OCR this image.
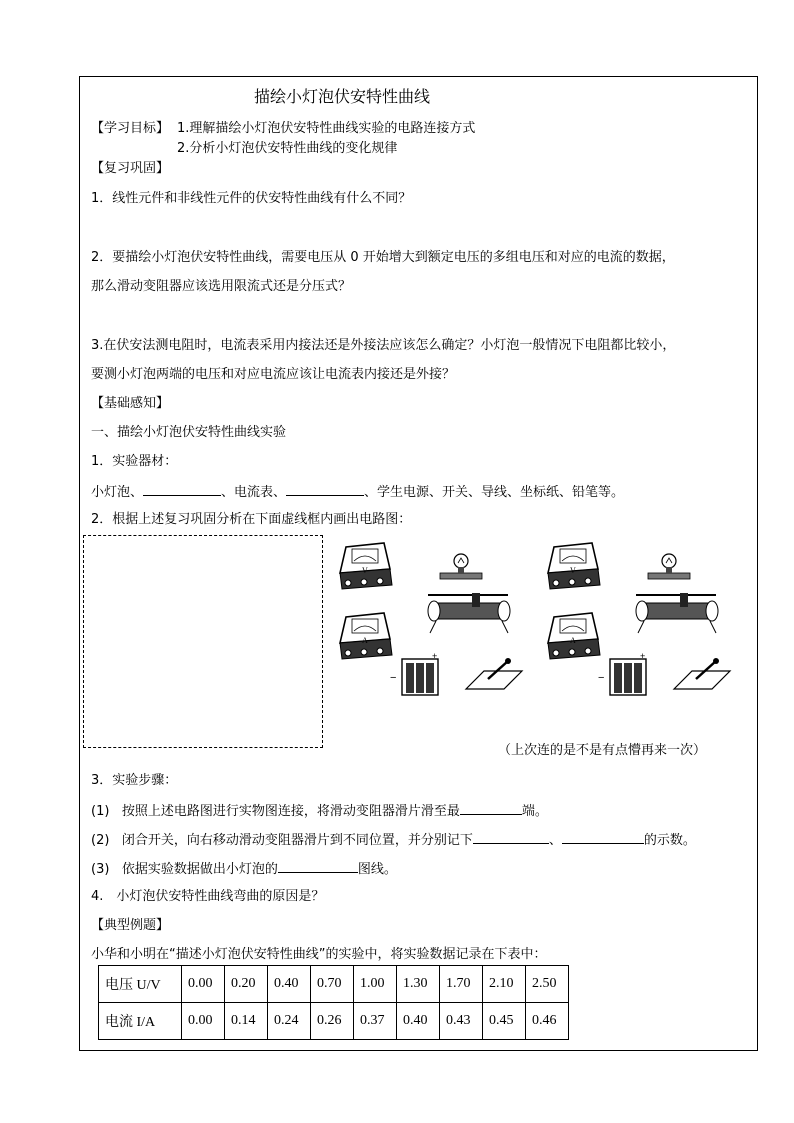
描绘小灯泡伏安特性曲线
【学习目标】 1.理解描绘小灯泡伏安特性曲线实验的电路连接方式
2.分析小灯泡伏安特性曲线的变化规律
【复习巩固】
1．线性元件和非线性元件的伏安特性曲线有什么不同？
2．要描绘小灯泡伏安特性曲线，需要电压从 0 开始增大到额定电压的多组电压和对应的电流的数据，
那么滑动变阻器应该选用限流式还是分压式？
3.在伏安法测电阻时，电流表采用内接法还是外接法应该怎么确定？小灯泡一般情况下电阻都比较小，
要测小灯泡两端的电压和对应电流应该让电流表内接还是外接？
【基础感知】
一、描绘小灯泡伏安特性曲线实验
1．实验器材：
小灯泡、	、电流表、	、学生电源、开关、导线、坐标纸、铅笔等。
2．根据上述复习巩固分析在下面虚线框内画出电路图：
V
A
+
−
V
A
+
−
（上次连的是不是有点懵再来一次）
3．实验步骤：
(1) 按照上述电路图进行实物图连接，将滑动变阻器滑片滑至最	端。
(2) 闭合开关，向右移动滑动变阻器滑片到不同位置，并分别记下	、	的示数。
(3) 依据实验数据做出小灯泡的	图线。
4.　小灯泡伏安特性曲线弯曲的原因是？
【典型例题】
小华和小明在“描述小灯泡伏安特性曲线”的实验中，将实验数据记录在下表中：
电压 U/V	0.00	0.20	0.40	0.70	1.00	1.30	1.70	2.10	2.50
电流 I/A	0.00	0.14	0.24	0.26	0.37	0.40	0.43	0.45	0.46
